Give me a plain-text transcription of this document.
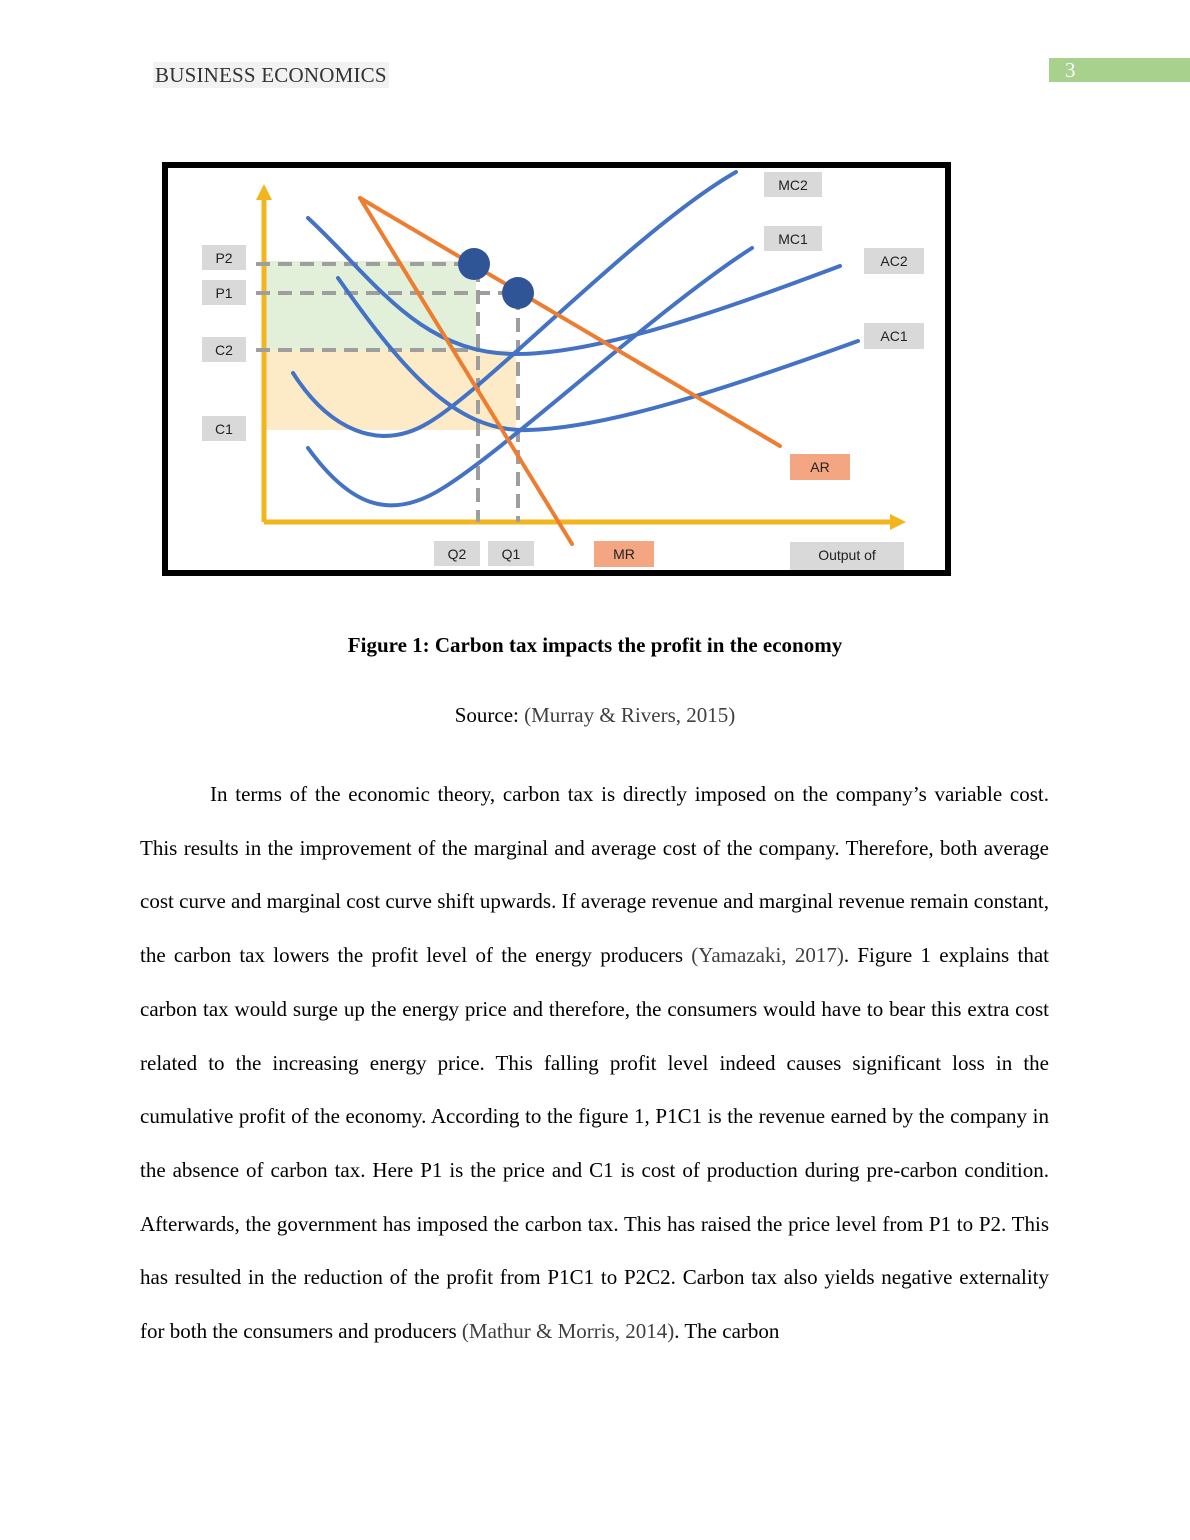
BUSINESS ECONOMICS	3
P2
P1
C2
C1
Q2	Q1	MR	Output of
MC2
MC1
AC2
AC1
AR
Figure 1: Carbon tax impacts the profit in the economy
Source: (Murray & Rivers, 2015)

In terms of the economic theory, carbon tax is directly imposed on the company’s variable cost. This results in the improvement of the marginal and average cost of the company. Therefore, both average cost curve and marginal cost curve shift upwards. If average revenue and marginal revenue remain constant, the carbon tax lowers the profit level of the energy producers (Yamazaki, 2017). Figure 1 explains that carbon tax would surge up the energy price and therefore, the consumers would have to bear this extra cost related to the increasing energy price. This falling profit level indeed causes significant loss in the cumulative profit of the economy. According to the figure 1, P1C1 is the revenue earned by the company in the absence of carbon tax. Here P1 is the price and C1 is cost of production during pre-carbon condition. Afterwards, the government has imposed the carbon tax. This has raised the price level from P1 to P2. This has resulted in the reduction of the profit from P1C1 to P2C2. Carbon tax also yields negative externality for both the consumers and producers (Mathur & Morris, 2014). The carbon
